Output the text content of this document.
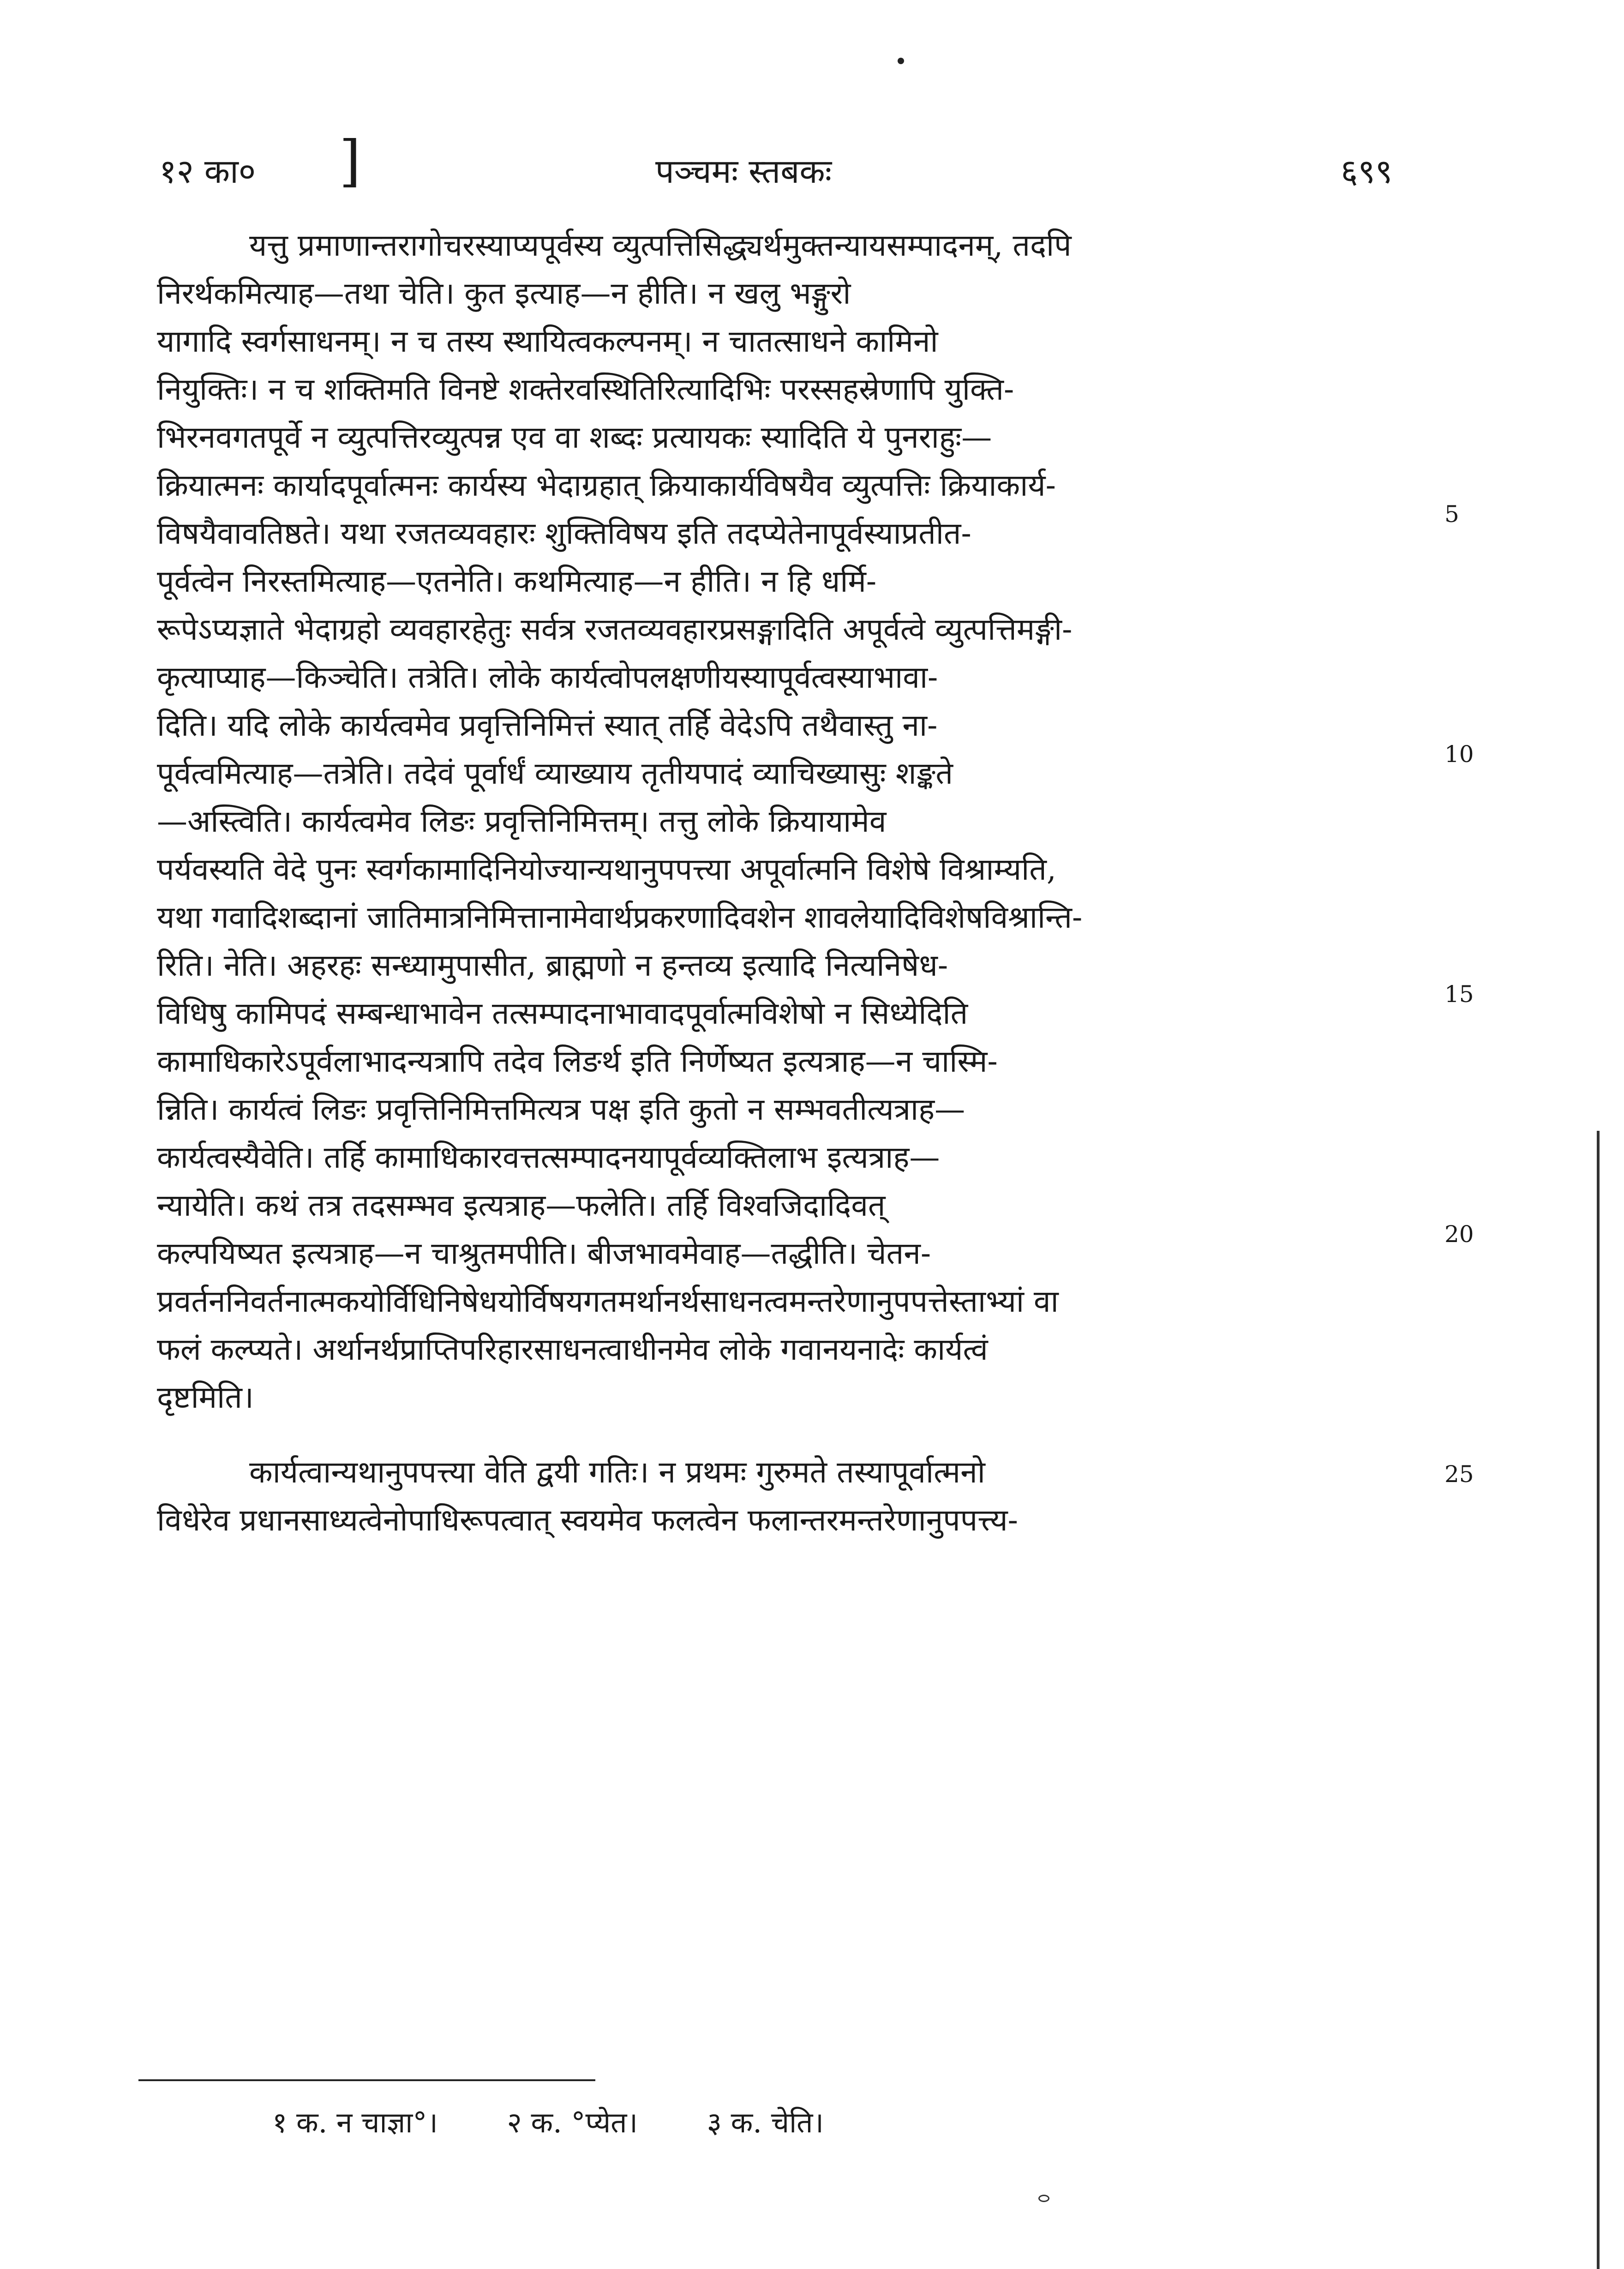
१२ का० ]	पञ्चमः स्तबकः	६९९
यत्तु प्रमाणान्तरागोचरस्याप्यपूर्वस्य व्युत्पत्तिसिद्ध्यर्थमुक्तन्यायसम्पादनम्, तदपि
निरर्थकमित्याह—तथा चेति। कुत इत्याह—न हीति। न खलु भङ्गुरो
यागादि स्वर्गसाधनम्। न च तस्य स्थायित्वकल्पनम्। न चातत्साधने कामिनो
नियुक्तिः। न च शक्तिमति विनष्टे शक्तेरवस्थितिरित्यादिभिः परस्सहस्रेणापि युक्ति-
भिरनवगतपूर्वे न व्युत्पत्तिरव्युत्पन्न एव वा शब्दः प्रत्यायकः स्यादिति ये पुनराहुः—
क्रियात्मनः कार्यादपूर्वात्मनः कार्यस्य भेदाग्रहात् क्रियाकार्यविषयैव व्युत्पत्तिः क्रियाकार्य-
विषयैवावतिष्ठते। यथा रजतव्यवहारः शुक्तिविषय इति तदप्येतेनापूर्वस्याप्रतीत-
पूर्वत्वेन निरस्तमित्याह—एतनेति। कथमित्याह—न हीति। न हि धर्मि-
रूपेऽप्यज्ञाते भेदाग्रहो व्यवहारहेतुः सर्वत्र रजतव्यवहारप्रसङ्गादिति अपूर्वत्वे व्युत्पत्तिमङ्गी-
कृत्याप्याह—किञ्चेति। तत्रेति। लोके कार्यत्वोपलक्षणीयस्यापूर्वत्वस्याभावा-
दिति। यदि लोके कार्यत्वमेव प्रवृत्तिनिमित्तं स्यात् तर्हि वेदेऽपि तथैवास्तु ना-
पूर्वत्वमित्याह—तत्रेति। तदेवं पूर्वार्धं व्याख्याय तृतीयपादं व्याचिख्यासुः शङ्कते
—अस्त्विति। कार्यत्वमेव लिङः प्रवृत्तिनिमित्तम्। तत्तु लोके क्रियायामेव
पर्यवस्यति वेदे पुनः स्वर्गकामादिनियोज्यान्यथानुपपत्त्या अपूर्वात्मनि विशेषे विश्राम्यति,
यथा गवादिशब्दानां जातिमात्रनिमित्तानामेवार्थप्रकरणादिवशेन शावलेयादिविशेषविश्रान्ति-
रिति। नेति। अहरहः सन्ध्यामुपासीत, ब्राह्मणो न हन्तव्य इत्यादि नित्यनिषेध-
विधिषु कामिपदं सम्बन्धाभावेन तत्सम्पादनाभावादपूर्वात्मविशेषो न सिध्येदिति
कामाधिकारेऽपूर्वलाभादन्यत्रापि तदेव लिङर्थ इति निर्णेष्यत इत्यत्राह—न चास्मि-
न्निति। कार्यत्वं लिङः प्रवृत्तिनिमित्तमित्यत्र पक्ष इति कुतो न सम्भवतीत्यत्राह—
कार्यत्वस्यैवेति। तर्हि कामाधिकारवत्तत्सम्पादनयापूर्वव्यक्तिलाभ इत्यत्राह—
न्यायेति। कथं तत्र तदसम्भव इत्यत्राह—फलेति। तर्हि विश्वजिदादिवत्
कल्पयिष्यत इत्यत्राह—न चाश्रुतमपीति। बीजभावमेवाह—तद्धीति। चेतन-
प्रवर्तननिवर्तनात्मकयोर्विधिनिषेधयोर्विषयगतमर्थानर्थसाधनत्वमन्तरेणानुपपत्तेस्ताभ्यां वा
फलं कल्प्यते। अर्थानर्थप्राप्तिपरिहारसाधनत्वाधीनमेव लोके गवानयनादेः कार्यत्वं
दृष्टमिति।
कार्यत्वान्यथानुपपत्त्या वेति द्वयी गतिः। न प्रथमः गुरुमते तस्यापूर्वात्मनो
विधेरेव प्रधानसाध्यत्वेनोपाधिरूपत्वात् स्वयमेव फलत्वेन फलान्तरमन्तरेणानुपपत्त्य-
5
10
15
20
25
१ क. न चाज्ञा°। २ क. °प्येत। ३ क. चेति।
